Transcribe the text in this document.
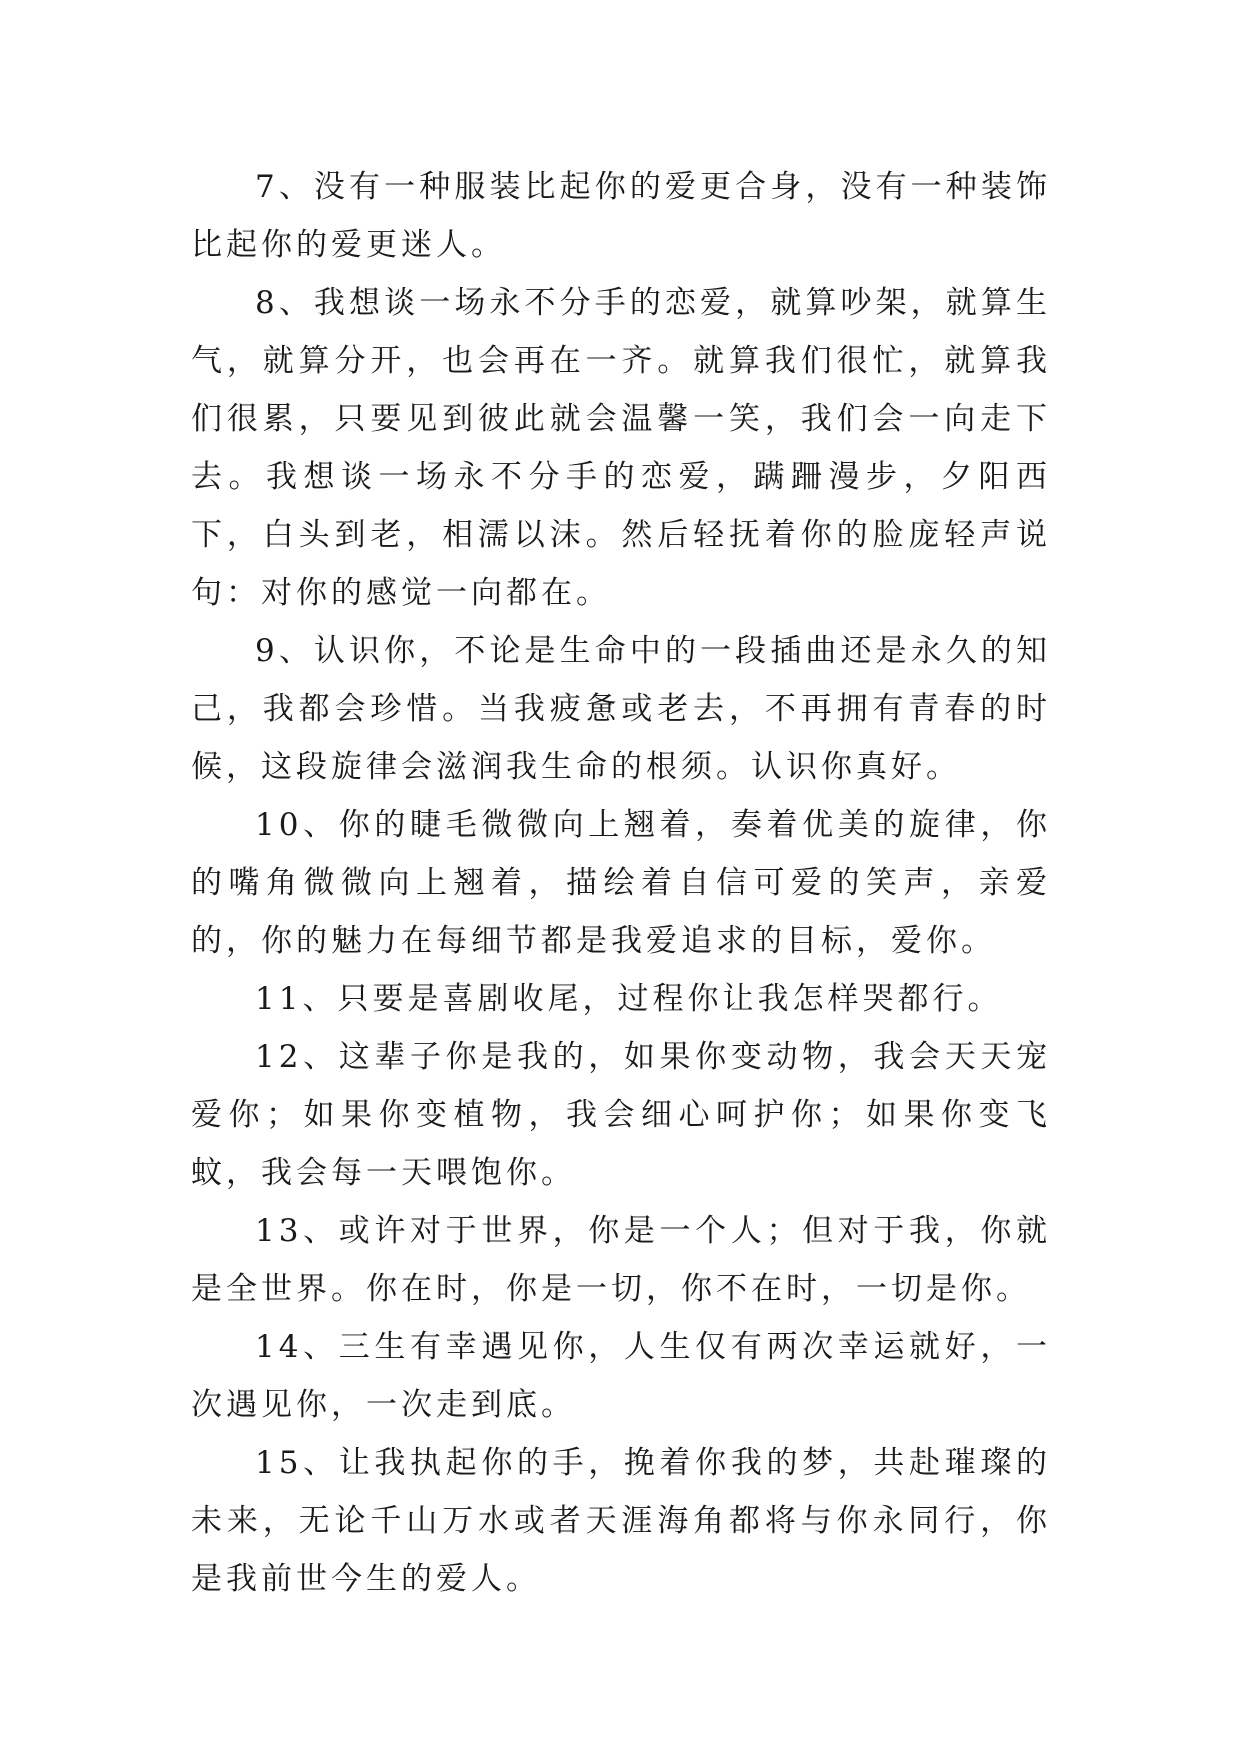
7、没有一种服装比起你的爱更合身，没有一种装饰比起你的爱更迷人。

8、我想谈一场永不分手的恋爱，就算吵架，就算生气，就算分开，也会再在一齐。就算我们很忙，就算我们很累，只要见到彼此就会温馨一笑，我们会一向走下去。我想谈一场永不分手的恋爱，蹒跚漫步，夕阳西下，白头到老，相濡以沫。然后轻抚着你的脸庞轻声说句：对你的感觉一向都在。

9、认识你，不论是生命中的一段插曲还是永久的知己，我都会珍惜。当我疲惫或老去，不再拥有青春的时候，这段旋律会滋润我生命的根须。认识你真好。

10、你的睫毛微微向上翘着，奏着优美的旋律，你的嘴角微微向上翘着，描绘着自信可爱的笑声，亲爱的，你的魅力在每细节都是我爱追求的目标，爱你。

11、只要是喜剧收尾，过程你让我怎样哭都行。

12、这辈子你是我的，如果你变动物，我会天天宠爱你；如果你变植物，我会细心呵护你；如果你变飞蚊，我会每一天喂饱你。

13、或许对于世界，你是一个人；但对于我，你就是全世界。你在时，你是一切，你不在时，一切是你。

14、三生有幸遇见你，人生仅有两次幸运就好，一次遇见你，一次走到底。

15、让我执起你的手，挽着你我的梦，共赴璀璨的未来，无论千山万水或者天涯海角都将与你永同行，你是我前世今生的爱人。
